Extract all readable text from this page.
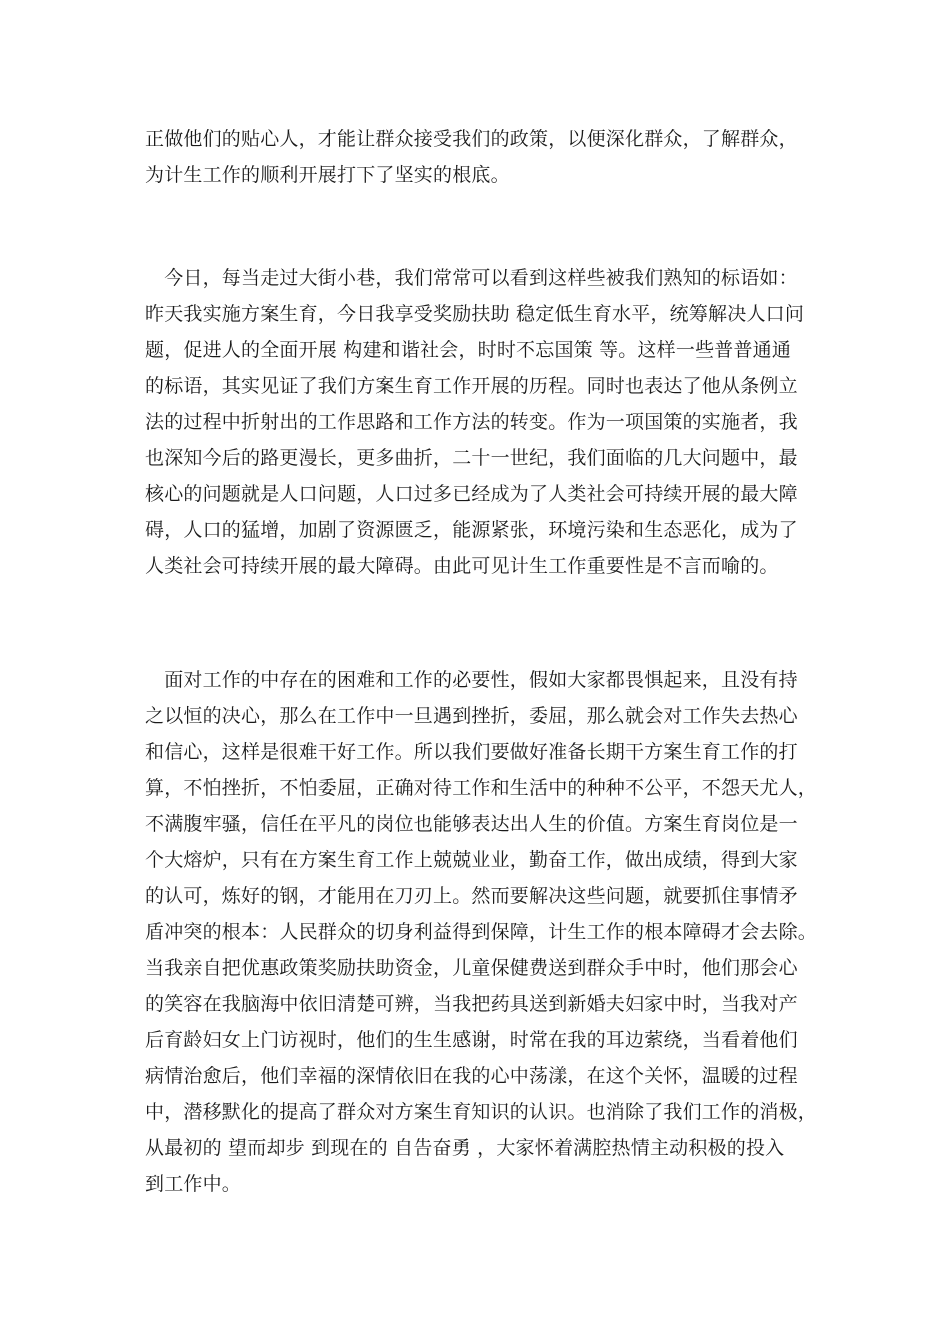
正做他们的贴心人，才能让群众接受我们的政策，以便深化群众，了解群众，

为计生工作的顺利开展打下了坚实的根底。

　今日，每当走过大街小巷，我们常常可以看到这样些被我们熟知的标语如：

昨天我实施方案生育，今日我享受奖励扶助 稳定低生育水平，统筹解决人口问

题，促进人的全面开展 构建和谐社会，时时不忘国策 等。这样一些普普通通

的标语，其实见证了我们方案生育工作开展的历程。同时也表达了他从条例立

法的过程中折射出的工作思路和工作方法的转变。作为一项国策的实施者，我

也深知今后的路更漫长，更多曲折，二十一世纪，我们面临的几大问题中，最

核心的问题就是人口问题，人口过多已经成为了人类社会可持续开展的最大障

碍，人口的猛增，加剧了资源匮乏，能源紧张，环境污染和生态恶化，成为了

人类社会可持续开展的最大障碍。由此可见计生工作重要性是不言而喻的。

　面对工作的中存在的困难和工作的必要性，假如大家都畏惧起来，且没有持

之以恒的决心，那么在工作中一旦遇到挫折，委屈，那么就会对工作失去热心

和信心，这样是很难干好工作。所以我们要做好准备长期干方案生育工作的打

算，不怕挫折，不怕委屈，正确对待工作和生活中的种种不公平，不怨天尤人，

不满腹牢骚，信任在平凡的岗位也能够表达出人生的价值。方案生育岗位是一

个大熔炉，只有在方案生育工作上兢兢业业，勤奋工作，做出成绩，得到大家

的认可，炼好的钢，才能用在刀刃上。然而要解决这些问题，就要抓住事情矛

盾冲突的根本：人民群众的切身利益得到保障，计生工作的根本障碍才会去除。

当我亲自把优惠政策奖励扶助资金，儿童保健费送到群众手中时，他们那会心

的笑容在我脑海中依旧清楚可辨，当我把药具送到新婚夫妇家中时，当我对产

后育龄妇女上门访视时，他们的生生感谢，时常在我的耳边萦绕，当看着他们

病情治愈后，他们幸福的深情依旧在我的心中荡漾，在这个关怀，温暖的过程

中，潜移默化的提高了群众对方案生育知识的认识。也消除了我们工作的消极，

从最初的 望而却步 到现在的 自告奋勇 ，大家怀着满腔热情主动积极的投入

到工作中。
